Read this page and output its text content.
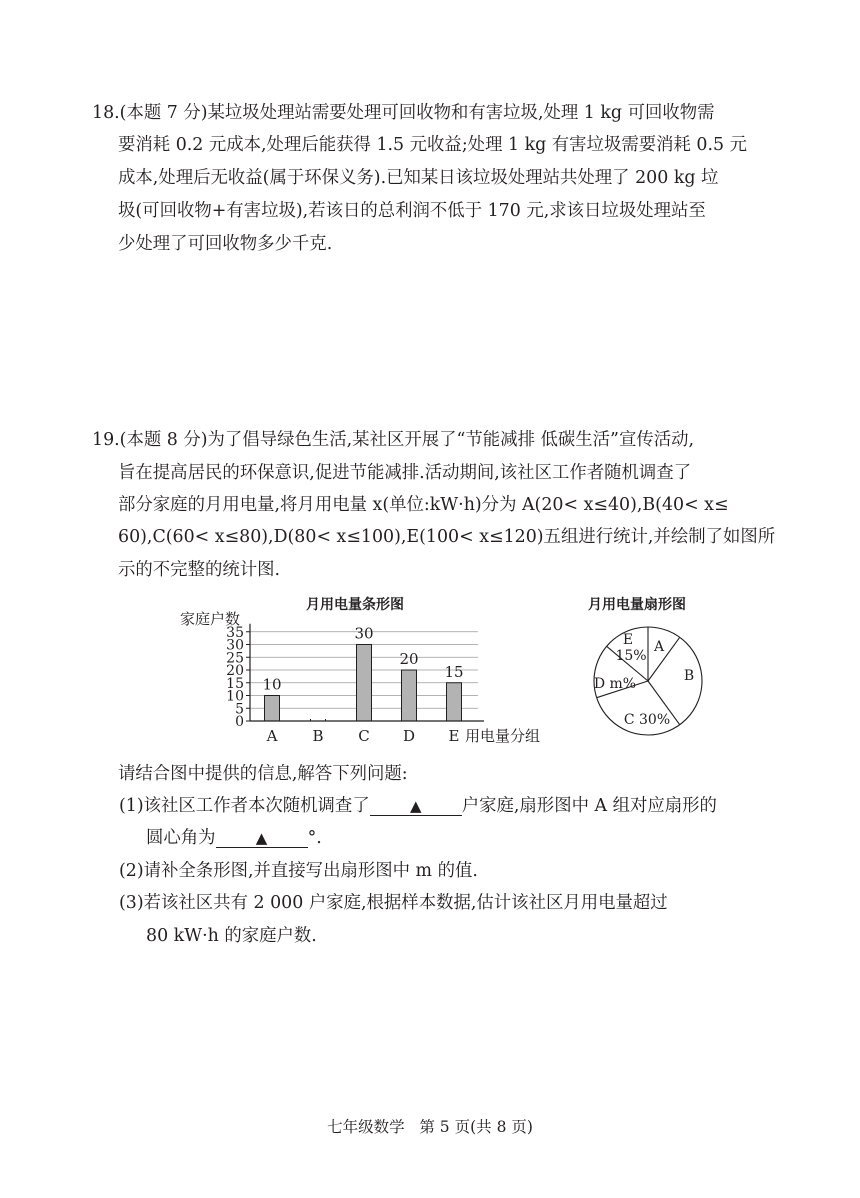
18.(本题 7 分)某垃圾处理站需要处理可回收物和有害垃圾,处理 1 kg 可回收物需
要消耗 0.2 元成本,处理后能获得 1.5 元收益;处理 1 kg 有害垃圾需要消耗 0.5 元
成本,处理后无收益(属于环保义务).已知某日该垃圾处理站共处理了 200 kg 垃
圾(可回收物+有害垃圾),若该日的总利润不低于 170 元,求该日垃圾处理站至
少处理了可回收物多少千克.
19.(本题 8 分)为了倡导绿色生活,某社区开展了“节能减排 低碳生活”宣传活动,
旨在提高居民的环保意识,促进节能减排.活动期间,该社区工作者随机调查了
部分家庭的月用电量,将月用电量 x(单位:kW·h)分为 A(20< x≤40),B(40< x≤
60),C(60< x≤80),D(80< x≤100),E(100< x≤120)五组进行统计,并绘制了如图所
示的不完整的统计图.
月用电量条形图	月用电量扇形图
0
5
10
15
20
25
30
35
10
A B
30
C
20
D
15
E 用电量分组
家庭户数
A
B
C 30%
D m%
E
15%
请结合图中提供的信息,解答下列问题:
(1)该社区工作者本次随机调查了	▲ 户家庭,扇形图中 A 组对应扇形的
圆心角为	▲ °.
(2)请补全条形图,并直接写出扇形图中 m 的值.
(3)若该社区共有 2 000 户家庭,根据样本数据,估计该社区月用电量超过
80 kW·h 的家庭户数.
七年级数学   第 5 页(共 8 页)
